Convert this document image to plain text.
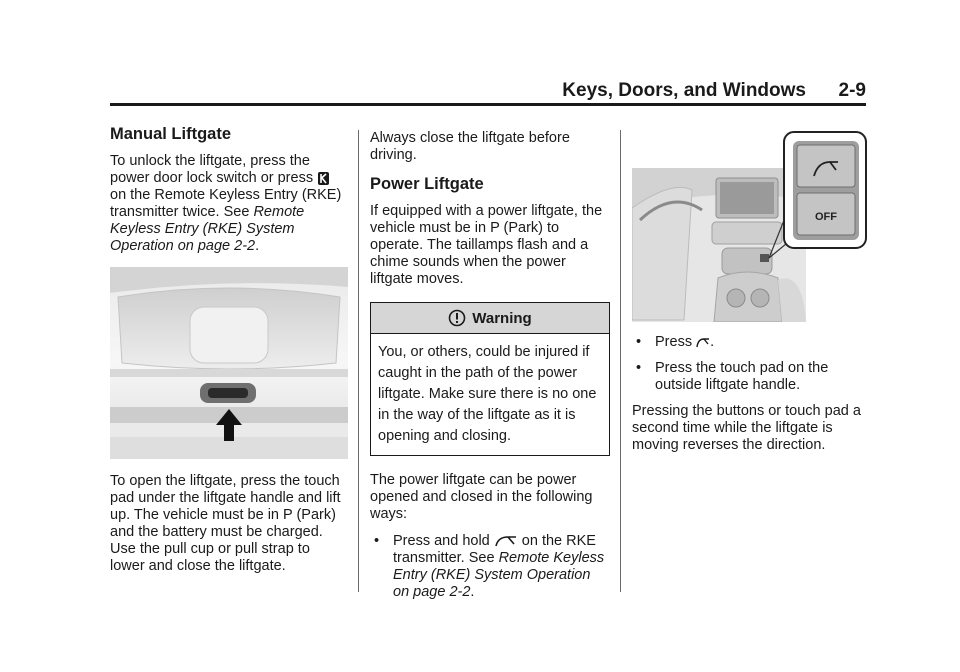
Keys, Doors, and Windows 2-9
Manual Liftgate

To unlock the liftgate, press the power door lock switch or press  on the Remote Keyless Entry (RKE) transmitter twice. See Remote Keyless Entry (RKE) System Operation on page 2-2.

To open the liftgate, press the touch pad under the liftgate handle and lift up. The vehicle must be in P (Park) and the battery must be charged. Use the pull cup or pull strap to lower and close the liftgate.

Always close the liftgate before driving.

Power Liftgate

If equipped with a power liftgate, the vehicle must be in P (Park) to operate. The taillamps flash and a chime sounds when the power liftgate moves.

Warning
You, or others, could be injured if caught in the path of the power liftgate. Make sure there is no one in the way of the liftgate as it is opening and closing.

The power liftgate can be power opened and closed in the following ways:

• Press and hold on the RKE transmitter. See Remote Keyless Entry (RKE) System Operation on page 2-2.
OFF
• Press .
• Press the touch pad on the outside liftgate handle.

Pressing the buttons or touch pad a second time while the liftgate is moving reverses the direction.
